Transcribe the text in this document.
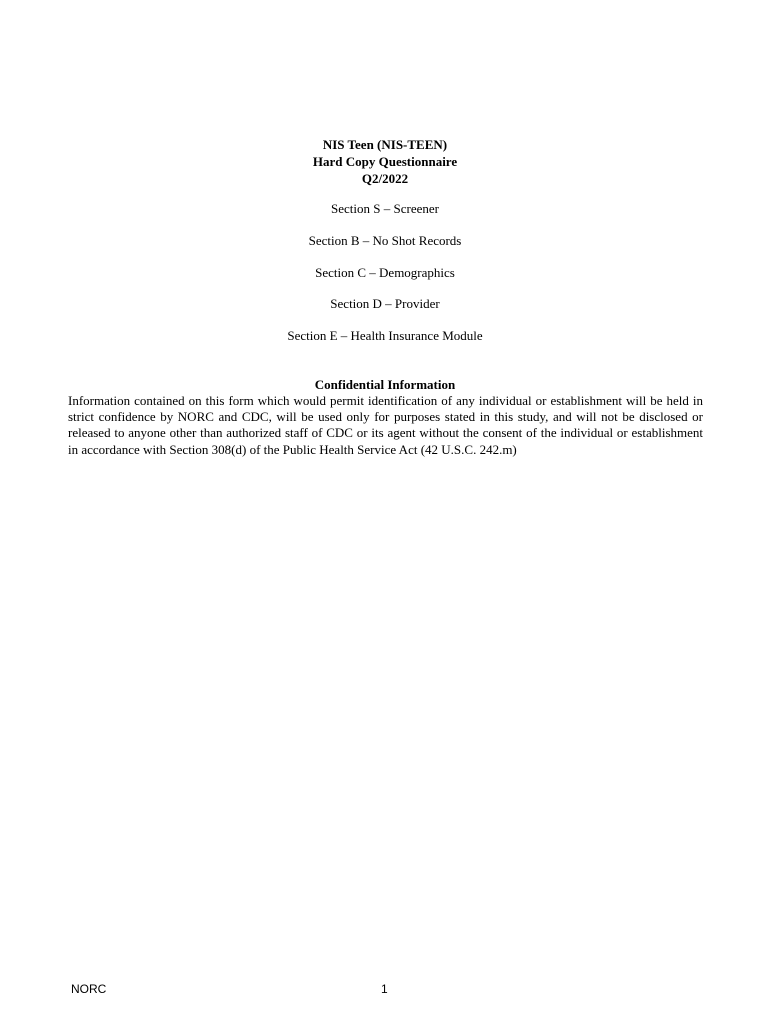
NIS Teen (NIS-TEEN)
Hard Copy Questionnaire
Q2/2022
Section S – Screener
Section B – No Shot Records
Section C – Demographics
Section D – Provider
Section E – Health Insurance Module
Confidential Information
Information contained on this form which would permit identification of any individual or establishment will be held in strict confidence by NORC and CDC, will be used only for purposes stated in this study, and will not be disclosed or released to anyone other than authorized staff of CDC or its agent without the consent of the individual or establishment in accordance with Section 308(d) of the Public Health Service Act (42 U.S.C. 242.m)
NORC	1
